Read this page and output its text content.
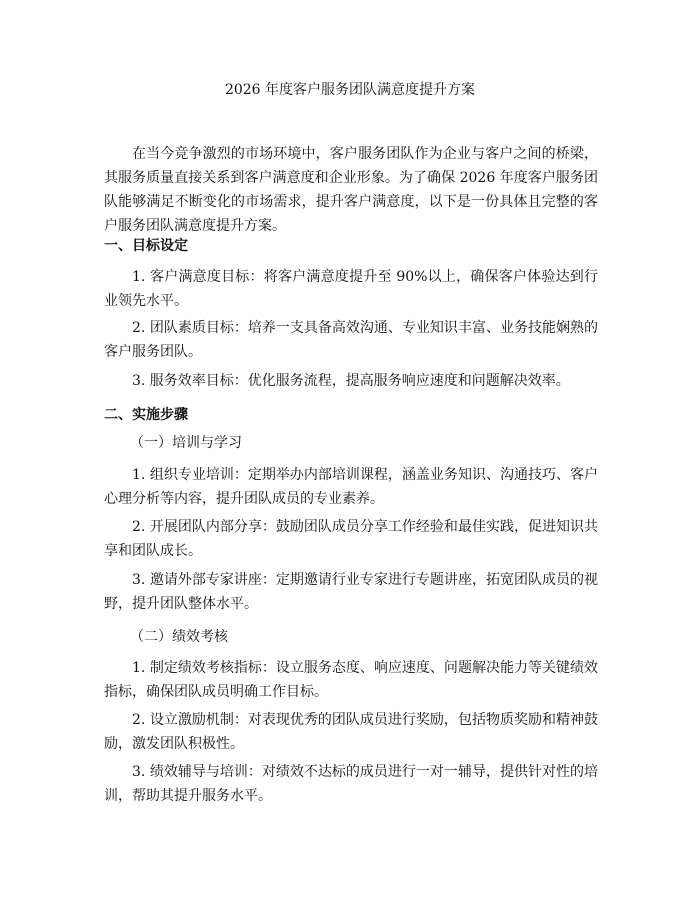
2026 年度客户服务团队满意度提升方案
在当今竞争激烈的市场环境中，客户服务团队作为企业与客户之间的桥梁，其服务质量直接关系到客户满意度和企业形象。为了确保 2026 年度客户服务团队能够满足不断变化的市场需求，提升客户满意度，以下是一份具体且完整的客户服务团队满意度提升方案。
一、目标设定
1. 客户满意度目标：将客户满意度提升至 90%以上，确保客户体验达到行业领先水平。
2. 团队素质目标：培养一支具备高效沟通、专业知识丰富、业务技能娴熟的客户服务团队。
3. 服务效率目标：优化服务流程，提高服务响应速度和问题解决效率。
二、实施步骤
（一）培训与学习
1. 组织专业培训：定期举办内部培训课程，涵盖业务知识、沟通技巧、客户心理分析等内容，提升团队成员的专业素养。
2. 开展团队内部分享：鼓励团队成员分享工作经验和最佳实践，促进知识共享和团队成长。
3. 邀请外部专家讲座：定期邀请行业专家进行专题讲座，拓宽团队成员的视野，提升团队整体水平。
（二）绩效考核
1. 制定绩效考核指标：设立服务态度、响应速度、问题解决能力等关键绩效指标，确保团队成员明确工作目标。
2. 设立激励机制：对表现优秀的团队成员进行奖励，包括物质奖励和精神鼓励，激发团队积极性。
3. 绩效辅导与培训：对绩效不达标的成员进行一对一辅导，提供针对性的培训，帮助其提升服务水平。
